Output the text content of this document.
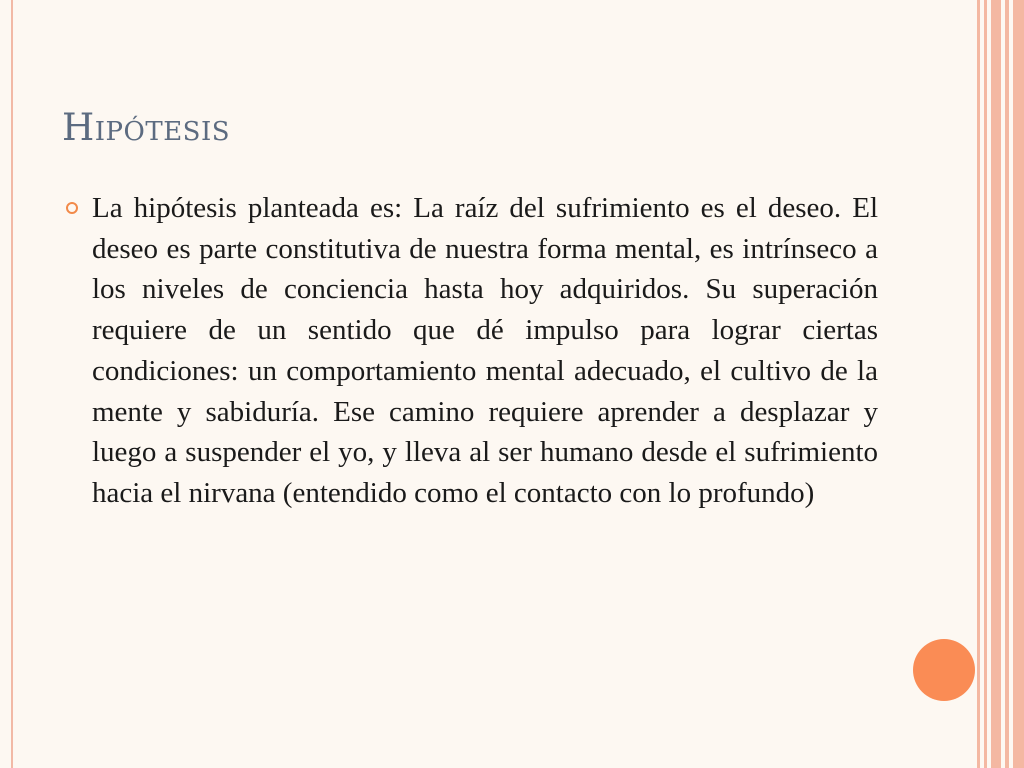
Hipótesis

La hipótesis planteada es: La raíz del sufrimiento es el deseo. El deseo es parte constitutiva de nuestra forma mental, es intrínseco a los niveles de conciencia hasta hoy adquiridos. Su superación requiere de un sentido que dé impulso para lograr ciertas condiciones: un comportamiento mental adecuado, el cultivo de la mente y sabiduría. Ese camino requiere aprender a desplazar y luego a suspender el yo, y lleva al ser humano desde el sufrimiento hacia el nirvana (entendido como el contacto con lo profundo)
